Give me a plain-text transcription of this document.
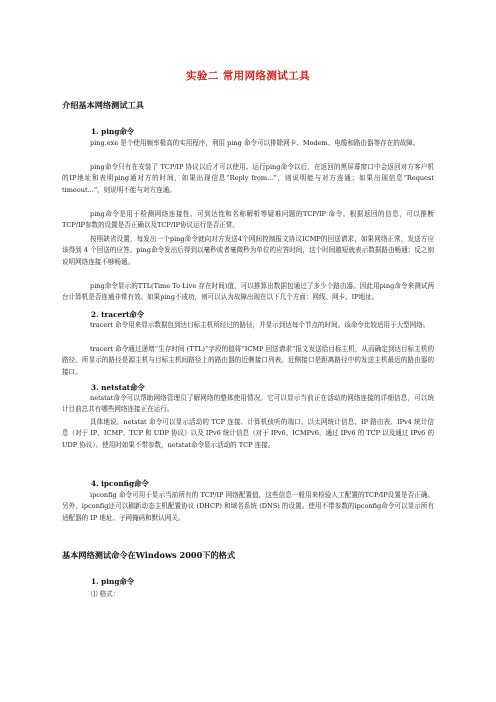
实验二 常用网络测试工具
介绍基本网络测试工具
1. ping命令
ping.exe 是个使用频率极高的实用程序，利用 ping 命令可以排除网卡、Modem、电缆和路由器等存在的故障。
ping命令只有在安装了 TCP/IP 协议以后才可以使用。运行ping命令以后，在返回的黑屏幕窗口中会返回对方客户机的IP地址和表明ping通对方的时间，如果出现信息“Reply from...”，则说明能与对方连通；如果出现信息“Request timeout...”，则说明不能与对方连通。
ping命令是用于检测网络连接性、可到达性和名称解析等疑难问题的TCP/IP 命令。根据返回的信息，可以推断TCP/IP参数的设置是否正确以及TCP/IP协议运行是否正常。
按照缺省设置，每发出一个ping命令就向对方发送4个网间控制报文协议ICMP的回送请求，如果网络正常，发送方应该得到 4 个回送的应答。ping命令发出后得到以毫秒或者毫微秒为单位的应答时间，这个时间越短就表示数据路由畅通；反之则说明网络连接不够畅通。
ping命令显示的TTL(Time To Live 存在时间)值，可以推算出数据包通过了多少个路由器。因此用ping命令来测试两台计算机是否连通非常有效。如果ping不成功，则可以认为故障出现在以下几个方面：网线、网卡、IP地址。
2. tracert命令
tracert 命令用来显示数据包到达目标主机所经过的路径，并显示到达每个节点的时间。该命令比较适用于大型网络。
tracert 命令通过递增“生存时间 (TTL)”字段的值将“ICMP 回送请求”报文发送给目标主机，从而确定到达目标主机的路径。所显示的路径是源主机与目标主机间路径上的路由器的近侧接口列表。近侧接口是距离路径中的发送主机最近的路由器的接口。
3. netstat命令
netstat命令可以帮助网络管理员了解网络的整体使用情况。它可以显示当前正在活动的网络连接的详细信息，可以统计目前总共有哪些网络连接正在运行。
具体地说，netstat 命令可以显示活动的 TCP 连接、计算机侦听的端口、以太网统计信息、IP 路由表、IPv4 统计信息（对于 IP、ICMP、TCP 和 UDP 协议）以及 IPv6 统计信息（对于 IPv6、ICMPv6、通过 IPv6 的 TCP 以及通过 IPv6 的 UDP 协议）。使用时如果不带参数，netstat命令显示活动的 TCP 连接。
4. ipconfig命令
ipconfig 命令可用于显示当前所有的 TCP/IP 网络配置值，这些信息一般用来检验人工配置的TCP/IP设置是否正确。另外，ipconfig还可以刷新动态主机配置协议 (DHCP) 和域名系统 (DNS) 的设置。使用不带参数的ipconfig命令可以显示所有适配器的 IP 地址、子网掩码和默认网关。
基本网络测试命令在Windows 2000下的格式
1. ping命令
⑴ 格式：
